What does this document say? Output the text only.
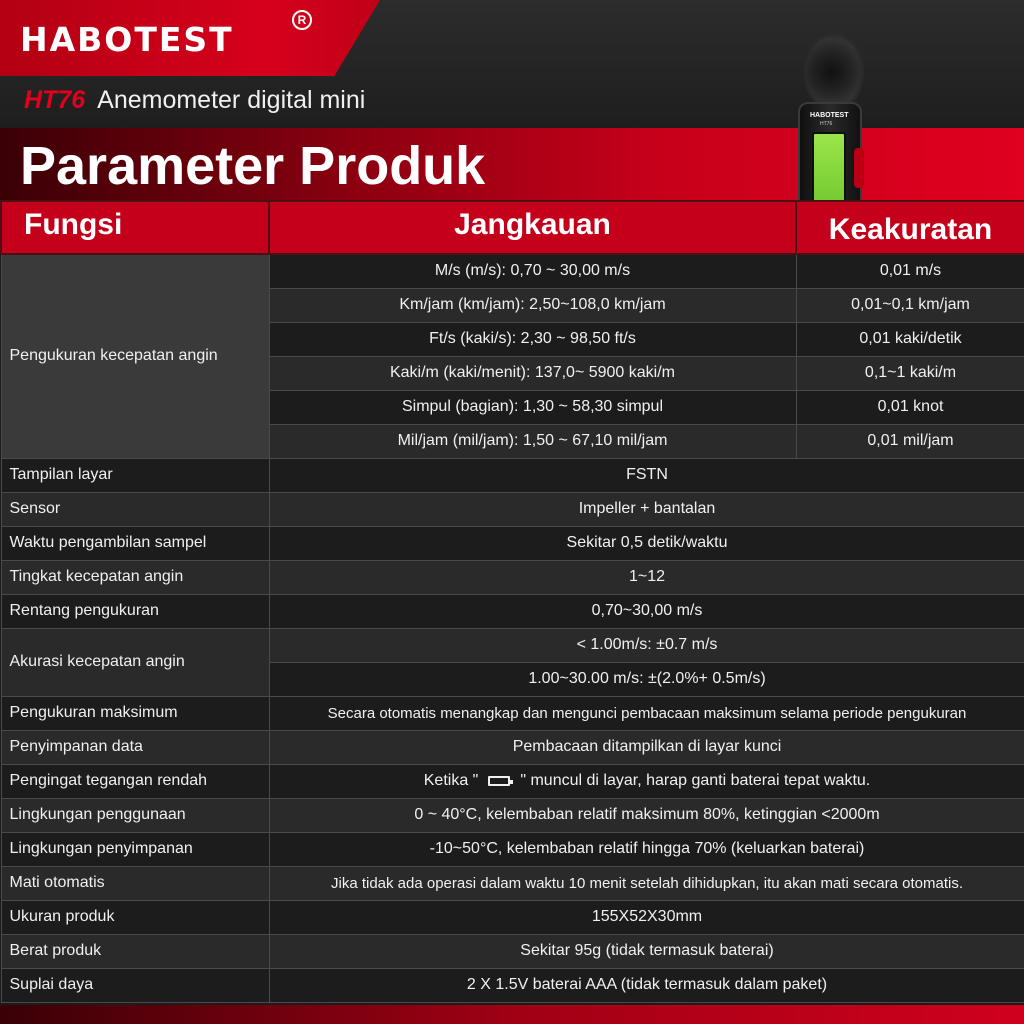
HABOTEST	R
HT76 Anemometer digital mini
Parameter Produk
HABOTEST
HT76
Fungsi	Jangkauan	Keakuratan
Pengukuran kecepatan angin	M/s (m/s): 0,70 ~ 30,00 m/s	0,01 m/s
	Km/jam (km/jam): 2,50~108,0 km/jam	0,01~0,1 km/jam
	Ft/s (kaki/s): 2,30 ~ 98,50 ft/s	0,01 kaki/detik
	Kaki/m (kaki/menit): 137,0~ 5900 kaki/m	0,1~1 kaki/m
	Simpul (bagian): 1,30 ~ 58,30 simpul	0,01 knot
	Mil/jam (mil/jam): 1,50 ~ 67,10 mil/jam	0,01 mil/jam
Tampilan layar	FSTN	
Sensor	Impeller + bantalan	
Waktu pengambilan sampel	Sekitar 0,5 detik/waktu	
Tingkat kecepatan angin	1~12	
Rentang pengukuran	0,70~30,00 m/s	
Akurasi kecepatan angin	< 1.00m/s: ±0.7 m/s	
	1.00~30.00 m/s: ±(2.0%+ 0.5m/s)	
Pengukuran maksimum	Secara otomatis menangkap dan mengunci pembacaan maksimum selama periode pengukuran	
Penyimpanan data	Pembacaan ditampilkan di layar kunci	
Pengingat tegangan rendah	Ketika " " muncul di layar, harap ganti baterai tepat waktu.	
Lingkungan penggunaan	0 ~ 40°C, kelembaban relatif maksimum 80%, ketinggian <2000m	
Lingkungan penyimpanan	-10~50°C, kelembaban relatif hingga 70% (keluarkan baterai)	
Mati otomatis	Jika tidak ada operasi dalam waktu 10 menit setelah dihidupkan, itu akan mati secara otomatis.	
Ukuran produk	155X52X30mm	
Berat produk	Sekitar 95g (tidak termasuk baterai)	
Suplai daya	2 X 1.5V baterai AAA (tidak termasuk dalam paket)	
